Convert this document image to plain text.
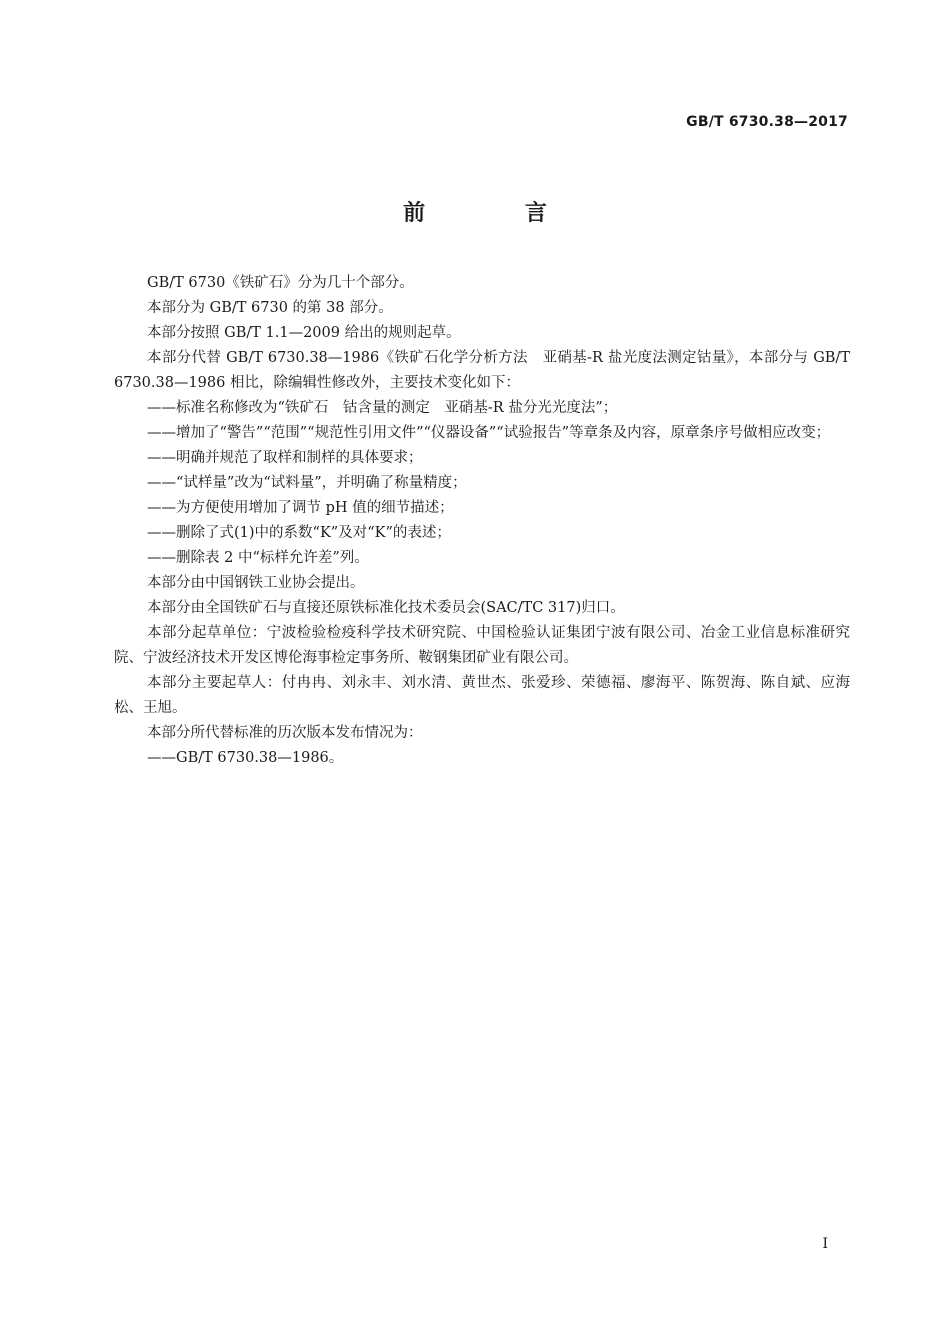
GB/T 6730.38—2017
前 言

GB/T 6730《铁矿石》分为几十个部分。

本部分为 GB/T 6730 的第 38 部分。

本部分按照 GB/T 1.1—2009 给出的规则起草。

本部分代替 GB/T 6730.38—1986《铁矿石化学分析方法　亚硝基-R 盐光度法测定钴量》，本部分与 GB/T 6730.38—1986 相比，除编辑性修改外，主要技术变化如下：

——标准名称修改为“铁矿石　钴含量的测定　亚硝基-R 盐分光光度法”；

——增加了“警告”“范围”“规范性引用文件”“仪器设备”“试验报告”等章条及内容，原章条序号做相应改变；

——明确并规范了取样和制样的具体要求；

——“试样量”改为“试料量”，并明确了称量精度；

——为方便使用增加了调节 pH 值的细节描述；

——删除了式(1)中的系数“K”及对“K”的表述；

——删除表 2 中“标样允许差”列。

本部分由中国钢铁工业协会提出。

本部分由全国铁矿石与直接还原铁标准化技术委员会(SAC/TC 317)归口。

本部分起草单位：宁波检验检疫科学技术研究院、中国检验认证集团宁波有限公司、冶金工业信息标准研究院、宁波经济技术开发区博伦海事检定事务所、鞍钢集团矿业有限公司。

本部分主要起草人：付冉冉、刘永丰、刘水清、黄世杰、张爱珍、荣德福、廖海平、陈贺海、陈自斌、应海松、王旭。

本部分所代替标准的历次版本发布情况为：

——GB/T 6730.38—1986。

I
